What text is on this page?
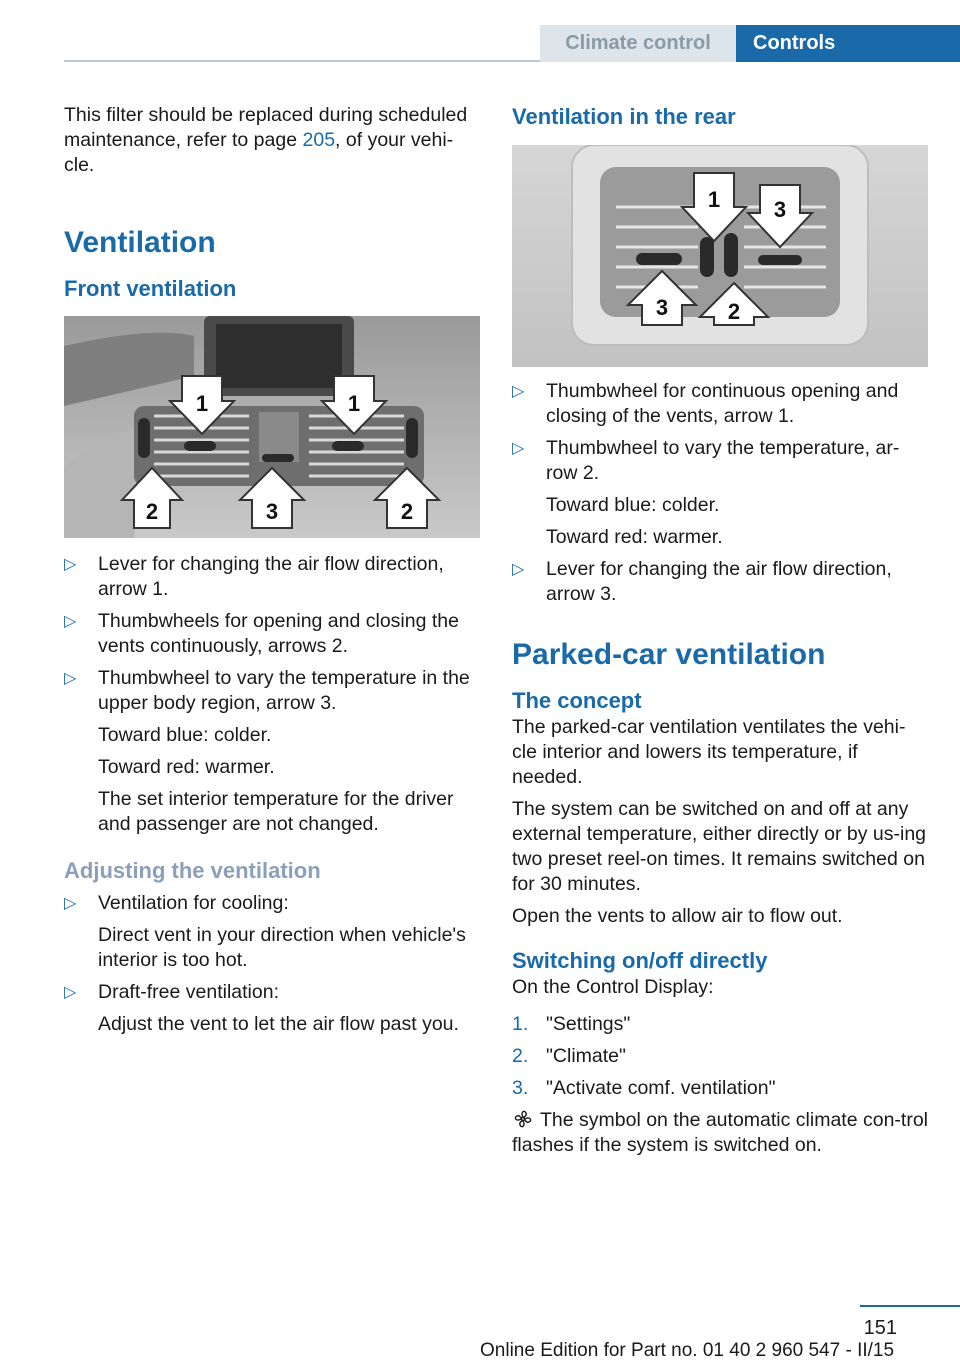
Climate control	Controls

This filter should be replaced during scheduled maintenance, refer to page 205, of your vehi-cle.

Ventilation
Front ventilation
1	1
2	3	2
▷ Lever for changing the air flow direction, arrow 1.

▷ Thumbwheels for opening and closing the vents continuously, arrows 2.

▷ Thumbwheel to vary the temperature in the upper body region, arrow 3.

Toward blue: colder.

Toward red: warmer.

The set interior temperature for the driver and passenger are not changed.

Adjusting the ventilation
▷ Ventilation for cooling:

Direct vent in your direction when vehicle's interior is too hot.

▷ Draft-free ventilation:

Adjust the vent to let the air flow past you.

Ventilation in the rear
1 3
3	2
▷ Thumbwheel for continuous opening and closing of the vents, arrow 1.

▷ Thumbwheel to vary the temperature, ar-row 2.

Toward blue: colder.

Toward red: warmer.

▷ Lever for changing the air flow direction, arrow 3.

Parked-car ventilation
The concept

The parked-car ventilation ventilates the vehi-cle interior and lowers its temperature, if needed.

The system can be switched on and off at any external temperature, either directly or by us-ing two preset reel-on times. It remains switched on for 30 minutes.

Open the vents to allow air to flow out.

Switching on/off directly

On the Control Display:

1. "Settings"

2. "Climate"

3. "Activate comf. ventilation"

The symbol on the automatic climate con-trol flashes if the system is switched on.

151
Online Edition for Part no. 01 40 2 960 547 - II/15
